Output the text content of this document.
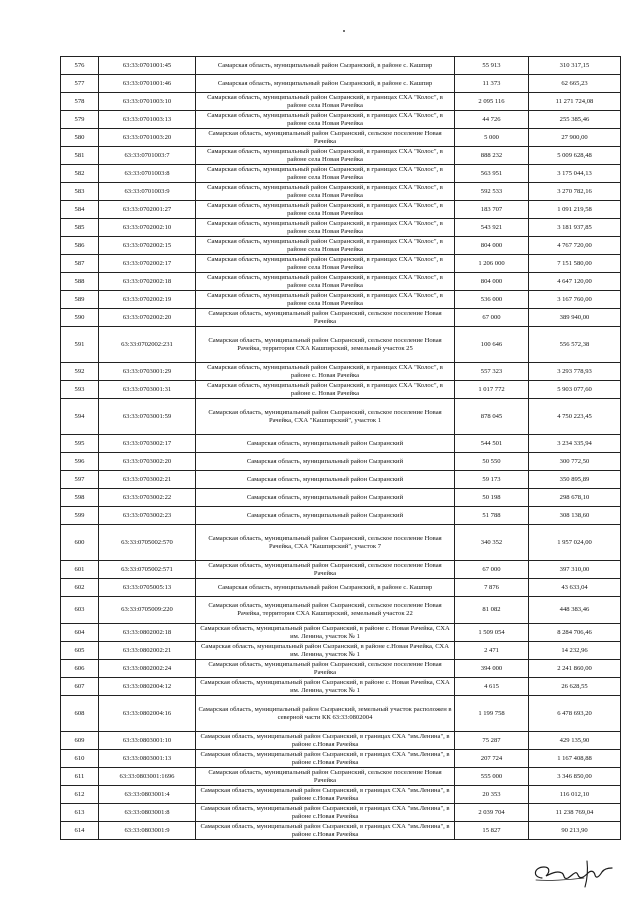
576	63:33:0701001:45	Самарская область, муниципальный район Сызранский, в районе с. Кашпир	55 913	310 317,15
577	63:33:0701001:46	Самарская область, муниципальный район Сызранский, в районе с. Кашпир	11 373	62 665,23
578	63:33:0701003:10	Самарская область, муниципальный район Сызранский, в границах СХА "Колос", в районе села Новая Рачейка	2 095 116	11 271 724,08
579	63:33:0701003:13	Самарская область, муниципальный район Сызранский, в границах СХА "Колос", в районе села Новая Рачейка	44 726	255 385,46
580	63:33:0701003:20	Самарская область, муниципальный район Сызранский, сельское поселение Новая Рачейка	5 000	27 900,00
581	63:33:0701003:7	Самарская область, муниципальный район Сызранский, в границах СХА "Колос", в районе села Новая Рачейка	888 232	5 009 628,48
582	63:33:0701003:8	Самарская область, муниципальный район Сызранский, в границах СХА "Колос", в районе села Новая Рачейка	563 951	3 175 044,13
583	63:33:0701003:9	Самарская область, муниципальный район Сызранский, в границах СХА "Колос", в районе села Новая Рачейка	592 533	3 270 782,16
584	63:33:0702001:27	Самарская область, муниципальный район Сызранский, в границах СХА "Колос", в районе села Новая Рачейка	183 707	1 091 219,58
585	63:33:0702002:10	Самарская область, муниципальный район Сызранский, в границах СХА "Колос", в районе села Новая Рачейка	543 921	3 181 937,85
586	63:33:0702002:15	Самарская область, муниципальный район Сызранский, в границах СХА "Колос", в районе села Новая Рачейка	804 000	4 767 720,00
587	63:33:0702002:17	Самарская область, муниципальный район Сызранский, в границах СХА "Колос", в районе села Новая Рачейка	1 206 000	7 151 580,00
588	63:33:0702002:18	Самарская область, муниципальный район Сызранский, в границах СХА "Колос", в районе села Новая Рачейка	804 000	4 647 120,00
589	63:33:0702002:19	Самарская область, муниципальный район Сызранский, в границах СХА "Колос", в районе села Новая Рачейка	536 000	3 167 760,00
590	63:33:0702002:20	Самарская область, муниципальный район Сызранский, сельское поселение Новая Рачейка	67 000	389 940,00
591	63:33:0702002:231	Самарская область, муниципальный район Сызранский, сельское поселение Новая Рачейка, территория СХА Кашпирский, земельный участок 25	100 646	556 572,38
592	63:33:0703001:29	Самарская область, муниципальный район Сызранский, в границах СХА "Колос", в районе с. Новая Рачейка	557 323	3 293 778,93
593	63:33:0703001:31	Самарская область, муниципальный район Сызранский, в границах СХА "Колос", в районе с. Новая Рачейка	1 017 772	5 903 077,60
594	63:33:0703001:59	Самарская область, муниципальный район Сызранский, сельское поселение Новая Рачейка, СХА "Кашпирский", участок 1	878 045	4 750 223,45
595	63:33:0703002:17	Самарская область, муниципальный район Сызранский	544 501	3 234 335,94
596	63:33:0703002:20	Самарская область, муниципальный район Сызранский	50 550	300 772,50
597	63:33:0703002:21	Самарская область, муниципальный район Сызранский	59 173	350 895,89
598	63:33:0703002:22	Самарская область, муниципальный район Сызранский	50 198	298 678,10
599	63:33:0703002:23	Самарская область, муниципальный район Сызранский	51 788	308 138,60
600	63:33:0705002:570	Самарская область, муниципальный район Сызранский, сельское поселение Новая Рачейка, СХА "Кашпирский", участок 7	340 352	1 957 024,00
601	63:33:0705002:571	Самарская область, муниципальный район Сызранский, сельское поселение Новая Рачейка	67 000	397 310,00
602	63:33:0705005:13	Самарская область, муниципальный район Сызранский, в районе с. Кашпир	7 876	43 633,04
603	63:33:0705009:220	Самарская область, муниципальный район Сызранский, сельское поселение Новая Рачейка, территория СХА Кашпирский, земельный участок 22	81 082	448 383,46
604	63:33:0802002:18	Самарская область, муниципальный район Сызранский, в районе с. Новая Рачейка, СХА им. Ленина, участок № 1	1 509 054	8 284 706,46
605	63:33:0802002:21	Самарская область, муниципальный район Сызранский, в районе с.Новая Рачейка, СХА им. Ленина, участок № 1	2 471	14 232,96
606	63:33:0802002:24	Самарская область, муниципальный район Сызранский, сельское поселение Новая Рачейка	394 000	2 241 860,00
607	63:33:0802004:12	Самарская область, муниципальный район Сызранский, в районе с. Новая Рачейка, СХА им. Ленина, участок № 1	4 615	26 628,55
608	63:33:0802004:16	Самарская область, муниципальный район Сызранский, земельный участок расположен в северной части КК 63:33:0802004	1 199 758	6 478 693,20
609	63:33:0803001:10	Самарская область, муниципальный район Сызранский, в границах СХА "им.Ленина", в районе с.Новая Рачейка	75 287	429 135,90
610	63:33:0803001:13	Самарская область, муниципальный район Сызранский, в границах СХА "им.Ленина", в районе с.Новая Рачейка	207 724	1 167 408,88
611	63:33:0803001:1696	Самарская область, муниципальный район Сызранский, сельское поселение Новая Рачейка	555 000	3 346 850,00
612	63:33:0803001:4	Самарская область, муниципальный район Сызранский, в границах СХА "им.Ленина", в районе с.Новая Рачейка	20 353	116 012,10
613	63:33:0803001:8	Самарская область, муниципальный район Сызранский, в границах СХА "им.Ленина", в районе с.Новая Рачейка	2 039 704	11 238 769,04
614	63:33:0803001:9	Самарская область, муниципальный район Сызранский, в границах СХА "им.Ленина", в районе с.Новая Рачейка	15 827	90 213,90
